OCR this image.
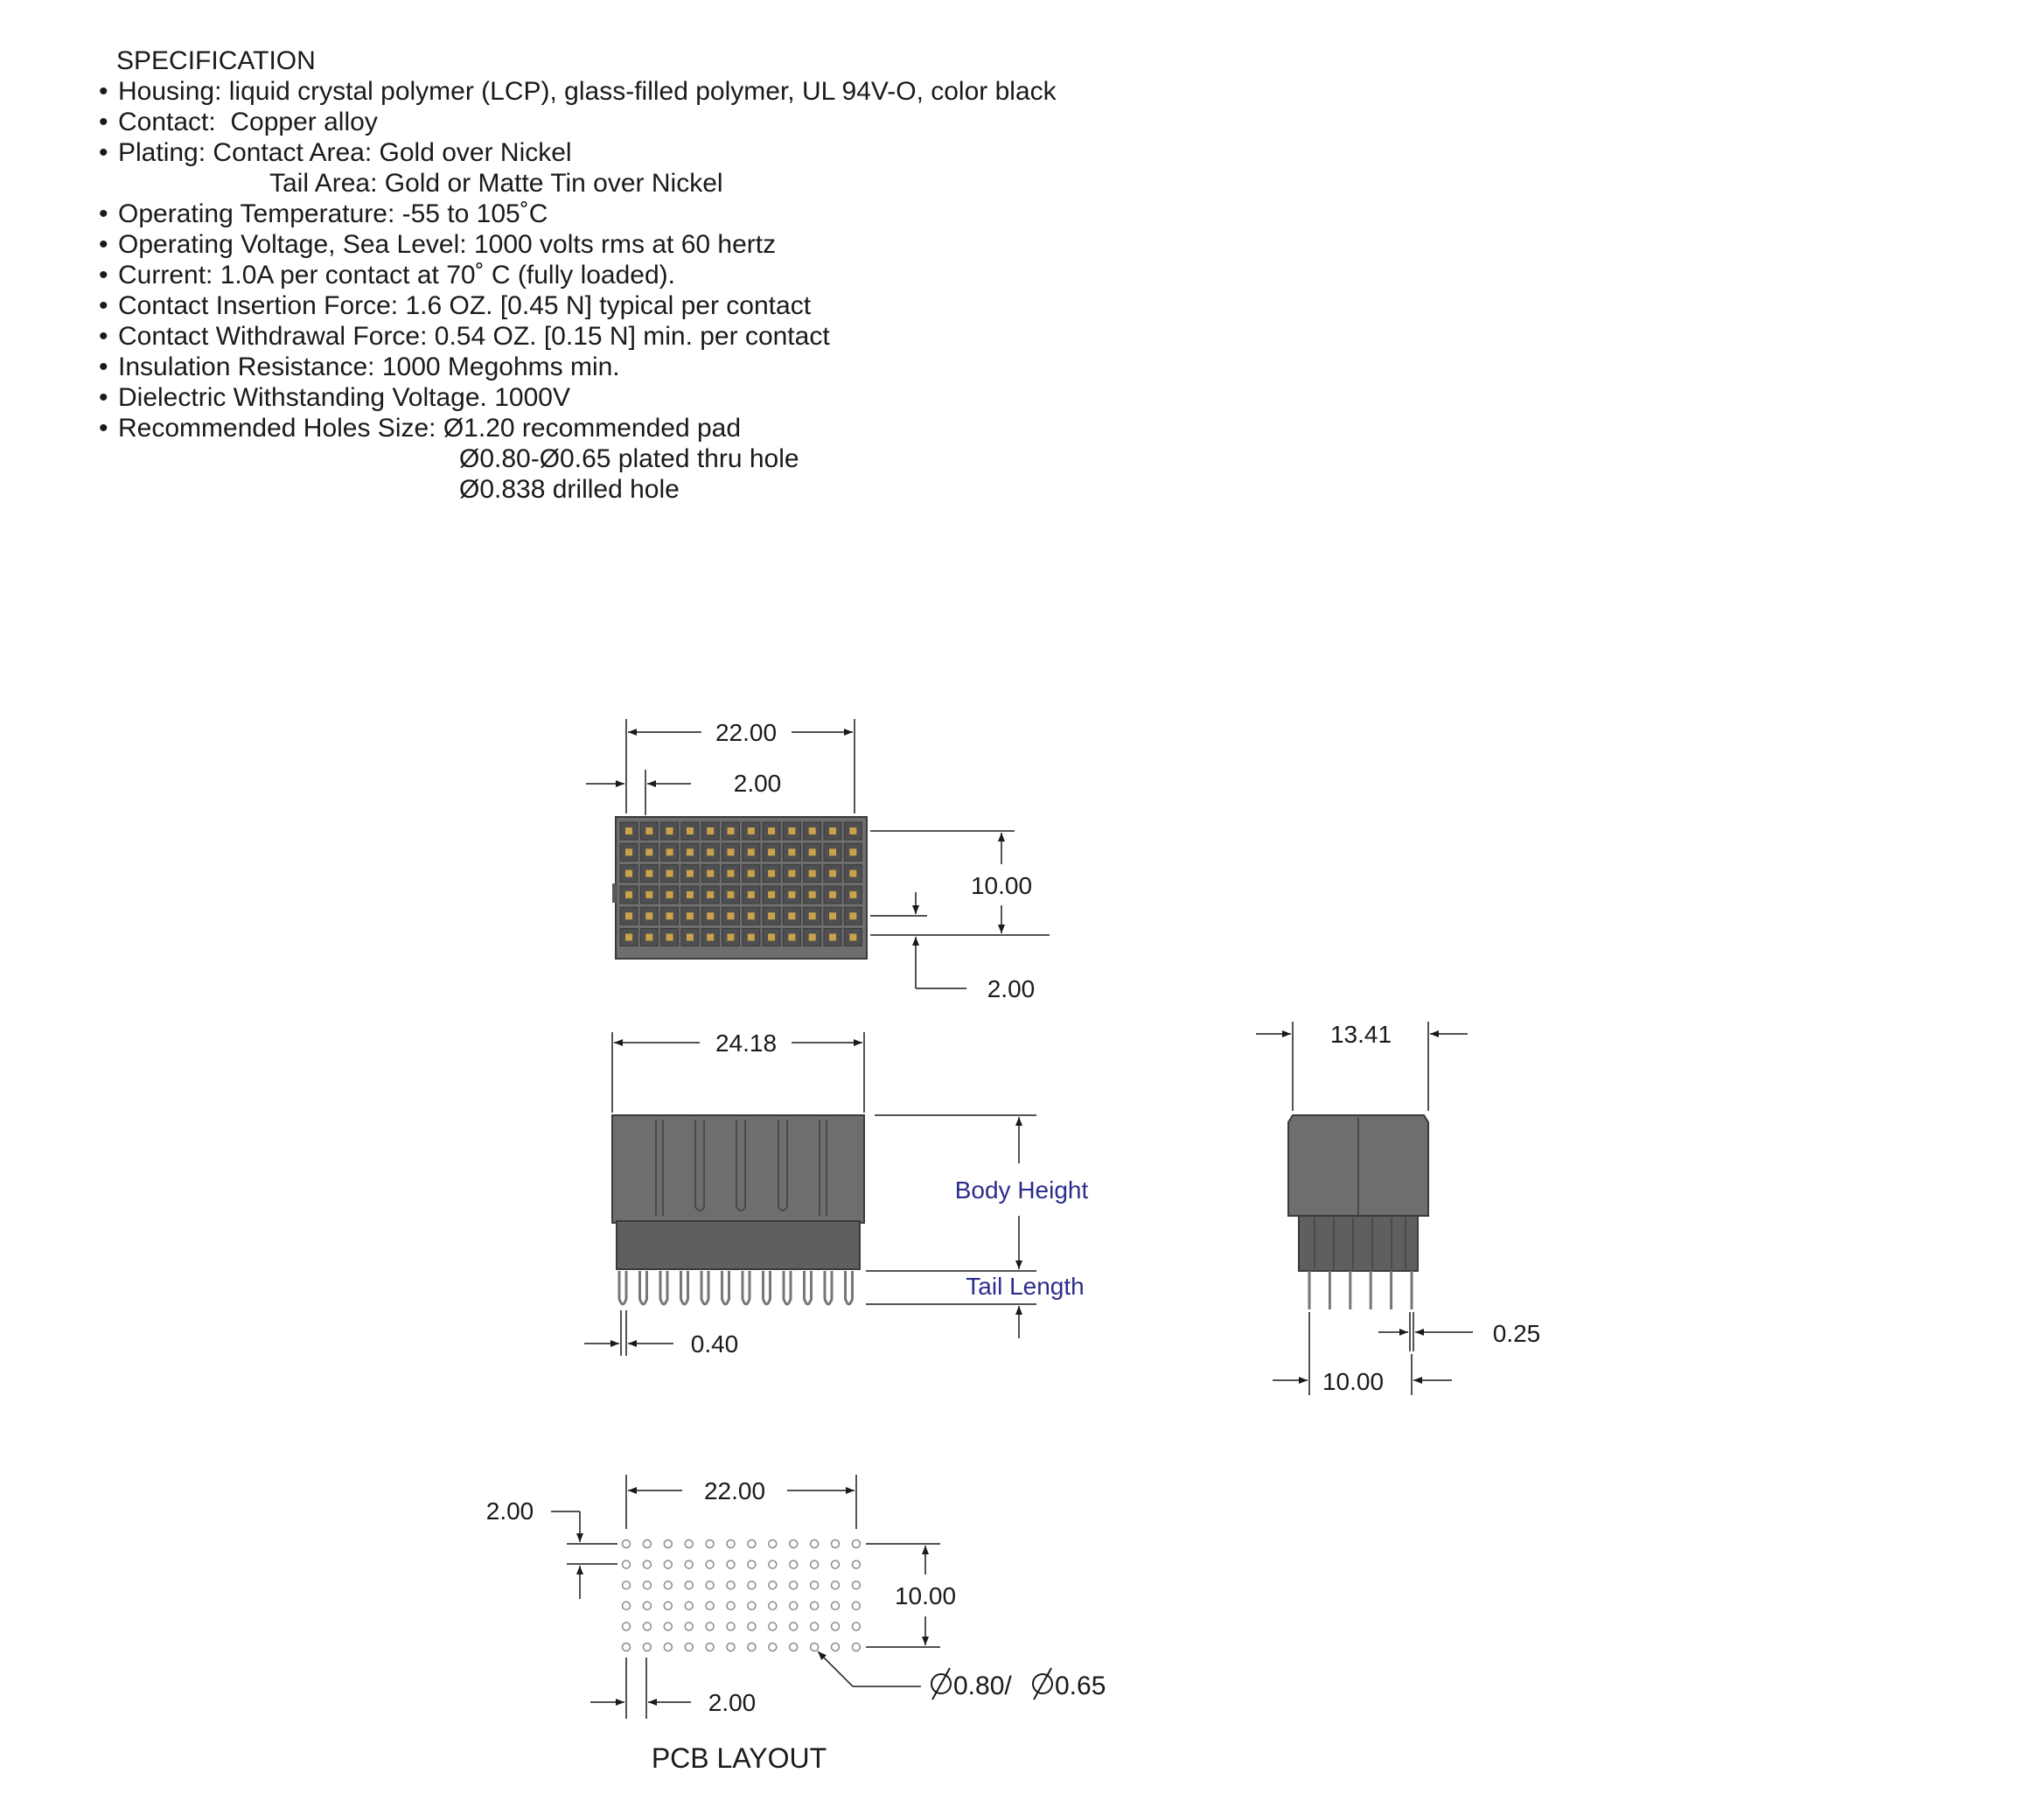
SPECIFICATION
• Housing: liquid crystal polymer (LCP), glass-filled polymer, UL 94V-O, color black
• Contact:  Copper alloy
• Plating: Contact Area: Gold over Nickel
Tail Area: Gold or Matte Tin over Nickel
• Operating Temperature: -55 to 105˚C
• Operating Voltage, Sea Level: 1000 volts rms at 60 hertz
• Current: 1.0A per contact at 70˚ C (fully loaded).
• Contact Insertion Force: 1.6 OZ. [0.45 N] typical per contact
• Contact Withdrawal Force: 0.54 OZ. [0.15 N] min. per contact
• Insulation Resistance: 1000 Megohms min.
• Dielectric Withstanding Voltage. 1000V
• Recommended Holes Size: Ø1.20 recommended pad
Ø0.80-Ø0.65 plated thru hole
Ø0.838 drilled hole
22.00
2.00
10.00
2.00
24.18
Body Height
Tail Length
0.40
13.41
0.25
10.00
22.00
2.00
10.00
2.00
0.80/ 0.65
PCB LAYOUT
